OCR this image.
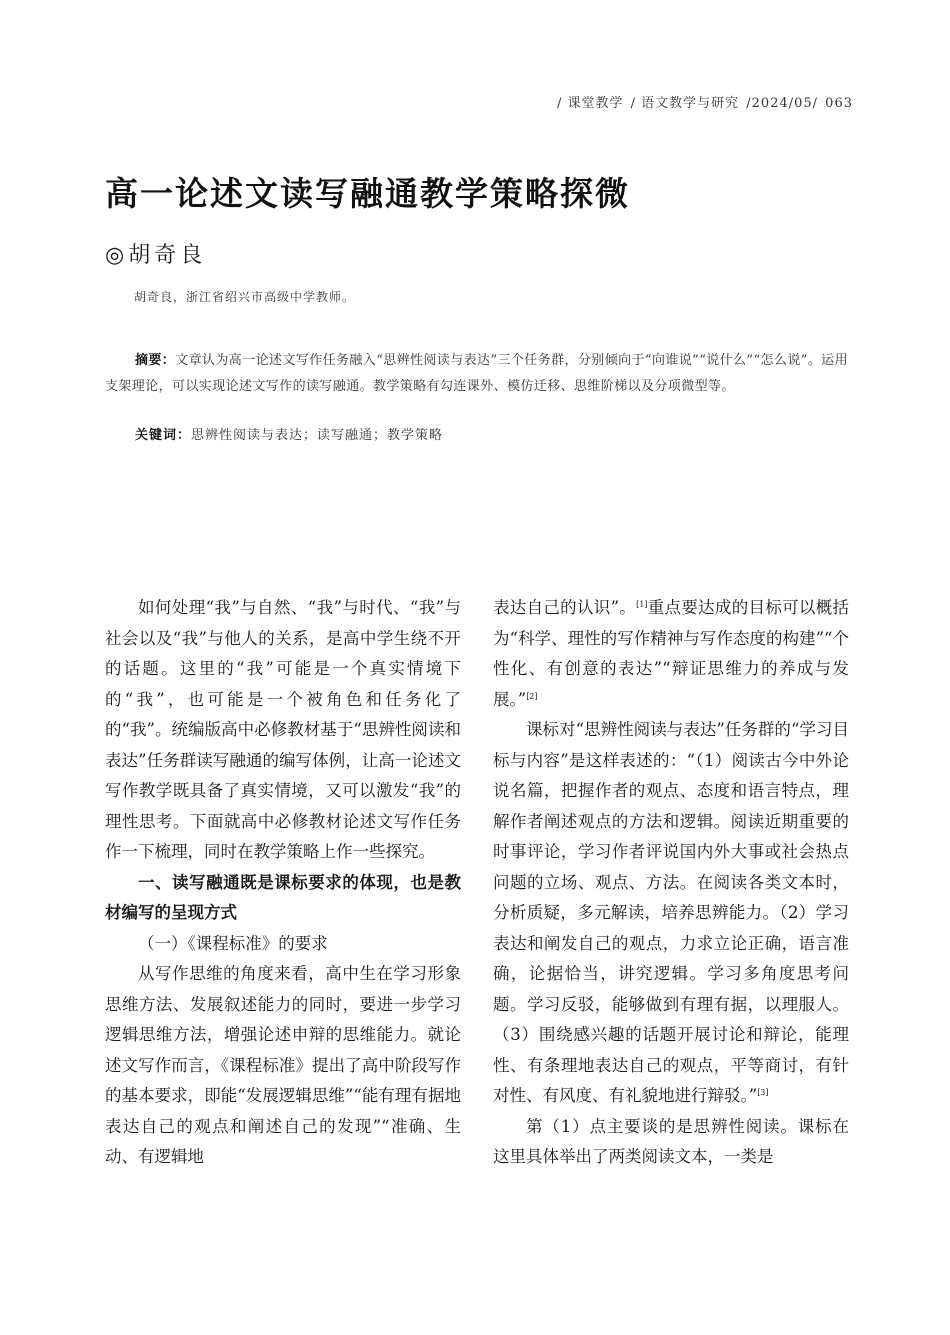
/ 课堂教学 / 语文教学与研究 /2024/05/ 063
高一论述文读写融通教学策略探微
◎胡奇良
胡奇良，浙江省绍兴市高级中学教师。

摘要：文章认为高一论述文写作任务融入“思辨性阅读与表达”三个任务群，分别倾向于“向谁说”“说什么”“怎么说”。运用支架理论，可以实现论述文写作的读写融通。教学策略有勾连课外、模仿迁移、思维阶梯以及分项微型等。

关键词：思辨性阅读与表达；读写融通；教学策略

如何处理“我”与自然、“我”与时代、“我”与社会以及“我”与他人的关系，是高中学生绕不开的话题。这里的“我”可能是一个真实情境下的“我”，也可能是一个被角色和任务化了的“我”。统编版高中必修教材基于“思辨性阅读和表达”任务群读写融通的编写体例，让高一论述文写作教学既具备了真实情境，又可以激发“我”的理性思考。下面就高中必修教材论述文写作任务作一下梳理，同时在教学策略上作一些探究。

一、读写融通既是课标要求的体现，也是教材编写的呈现方式

（一）《课程标准》的要求

从写作思维的角度来看，高中生在学习形象思维方法、发展叙述能力的同时，要进一步学习逻辑思维方法，增强论述申辩的思维能力。就论述文写作而言，《课程标准》提出了高中阶段写作的基本要求，即能“发展逻辑思维”“能有理有据地表达自己的观点和阐述自己的发现”“准确、生动、有逻辑地

表达自己的认识”。[1]重点要达成的目标可以概括为“科学、理性的写作精神与写作态度的构建”“个性化、有创意的表达”“辩证思维力的养成与发展。”[2]

课标对“思辨性阅读与表达”任务群的“学习目标与内容”是这样表述的：“（1）阅读古今中外论说名篇，把握作者的观点、态度和语言特点，理解作者阐述观点的方法和逻辑。阅读近期重要的时事评论，学习作者评说国内外大事或社会热点问题的立场、观点、方法。在阅读各类文本时，分析质疑，多元解读，培养思辨能力。（2）学习表达和阐发自己的观点，力求立论正确，语言准确，论据恰当，讲究逻辑。学习多角度思考问题。学习反驳，能够做到有理有据，以理服人。（3）围绕感兴趣的话题开展讨论和辩论，能理性、有条理地表达自己的观点，平等商讨，有针对性、有风度、有礼貌地进行辩驳。”[3]

第（1）点主要谈的是思辨性阅读。课标在这里具体举出了两类阅读文本，一类是
